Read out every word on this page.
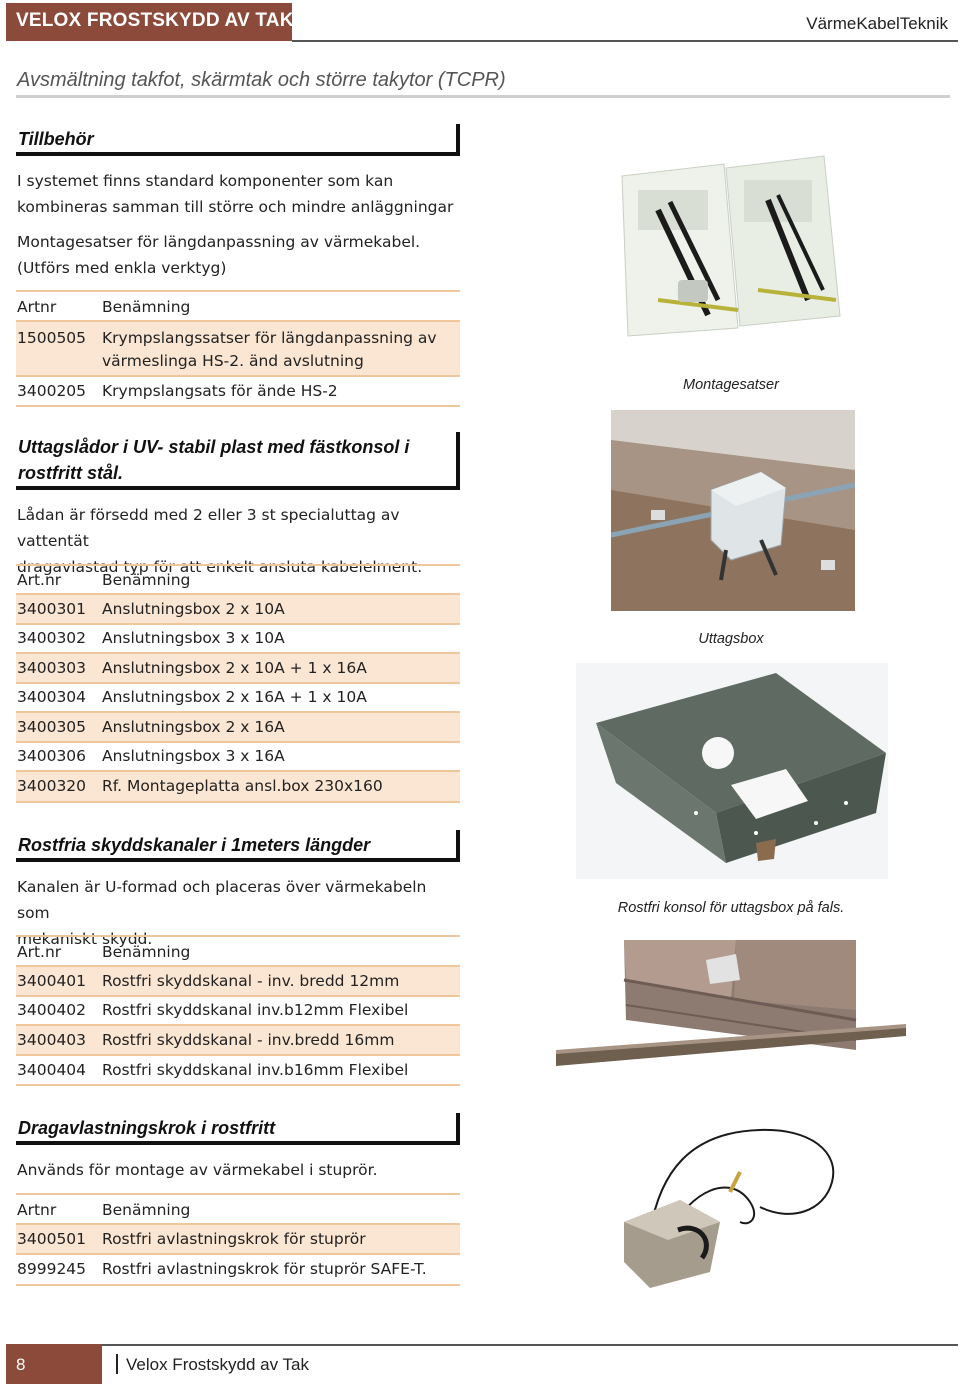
VELOX FROSTSKYDD AV TAK	VärmeKabelTeknik
Avsmältning takfot, skärmtak och större takytor (TCPR)
Tillbehör
I systemet finns standard komponenter som kan
kombineras samman till större och mindre anläggningar
Montagesatser för längdanpassning av värmekabel.
(Utförs med enkla verktyg)
Artnr	Benämning
1500505	Krympslangssatser för längdanpassning av
värmeslinga HS-2. änd avslutning
3400205	Krympslangsats för ände HS-2
Uttagslådor i UV- stabil plast med fästkonsol i
rostfritt stål.
Lådan är försedd med 2 eller 3 st specialuttag av vattentät
dragavlastad typ för att enkelt ansluta kabelelment.
Art.nr	Benämning
3400301	Anslutningsbox 2 x 10A
3400302	Anslutningsbox 3 x 10A
3400303	Anslutningsbox 2 x 10A + 1 x 16A
3400304	Anslutningsbox 2 x 16A + 1 x 10A
3400305	Anslutningsbox 2 x 16A
3400306	Anslutningsbox 3 x 16A
3400320	Rf. Montageplatta ansl.box 230x160
Rostfria skyddskanaler i 1meters längder
Kanalen är U-formad och placeras över värmekabeln som
mekaniskt skydd.
Art.nr	Benämning
3400401	Rostfri skyddskanal - inv. bredd 12mm
3400402	Rostfri skyddskanal inv.b12mm Flexibel
3400403	Rostfri skyddskanal - inv.bredd 16mm
3400404	Rostfri skyddskanal inv.b16mm Flexibel
Dragavlastningskrok i rostfritt
Används för montage av värmekabel i stuprör.
Artnr	Benämning
3400501	Rostfri avlastningskrok för stuprör
8999245	Rostfri avlastningskrok för stuprör SAFE-T.
Montagesatser
Uttagsbox
Rostfri konsol för uttagsbox på fals.
8	Velox Frostskydd av Tak
